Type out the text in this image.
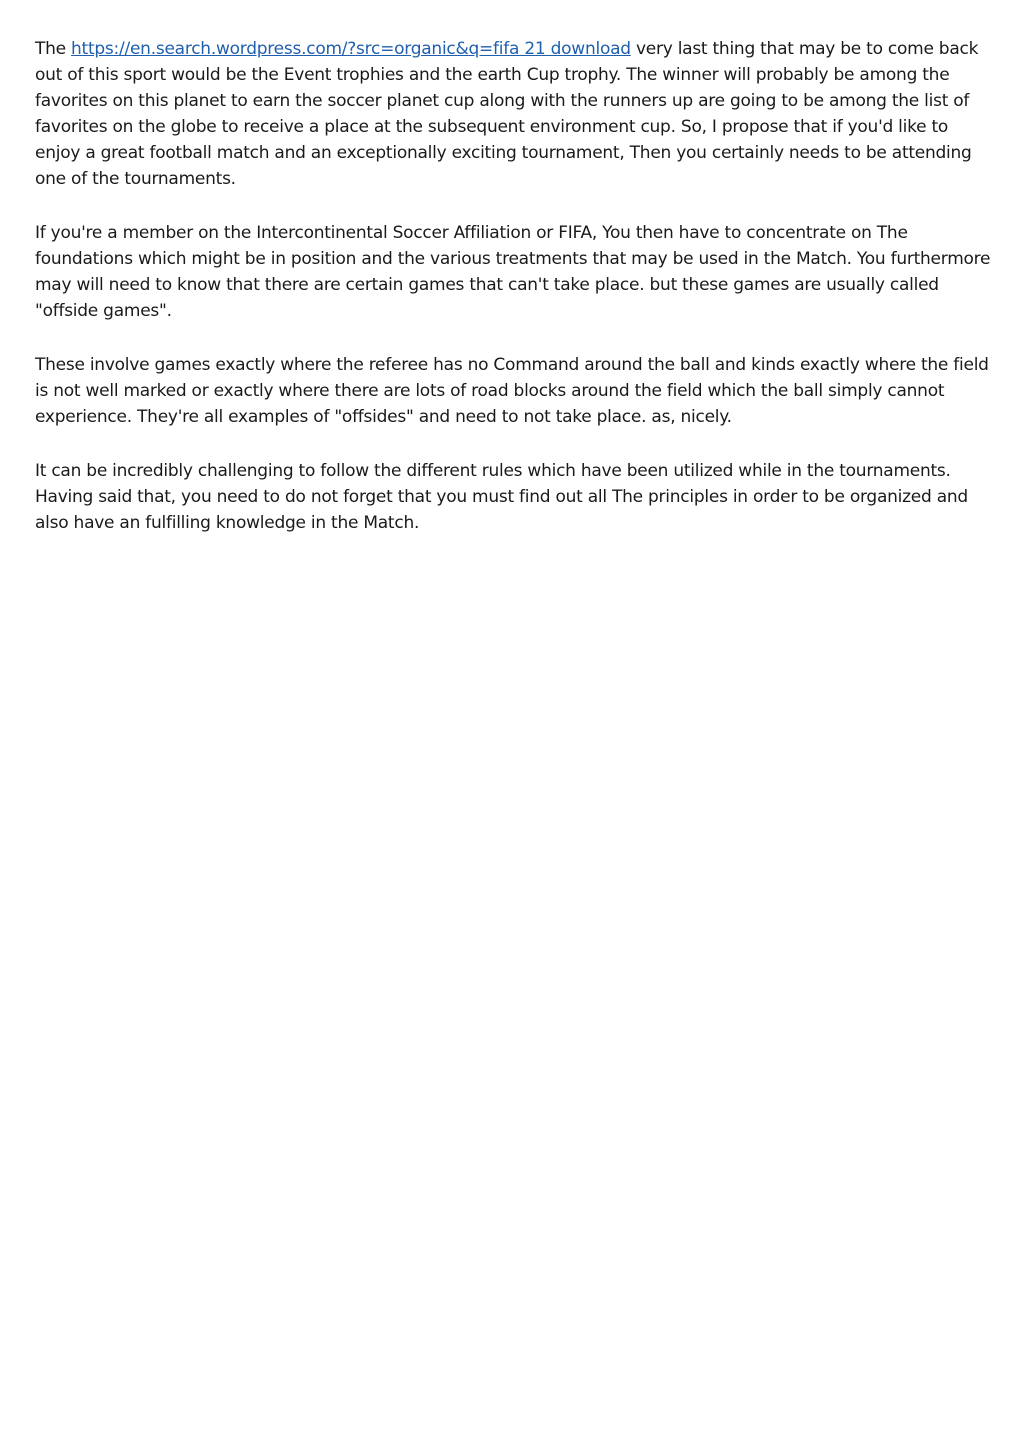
The https://en.search.wordpress.com/?src=organic&q=fifa 21 download very last thing that may be to come back out of this sport would be the Event trophies and the earth Cup trophy. The winner will probably be among the favorites on this planet to earn the soccer planet cup along with the runners up are going to be among the list of favorites on the globe to receive a place at the subsequent environment cup. So, I propose that if you'd like to enjoy a great football match and an exceptionally exciting tournament, Then you certainly needs to be attending one of the tournaments.

If you're a member on the Intercontinental Soccer Affiliation or FIFA, You then have to concentrate on The foundations which might be in position and the various treatments that may be used in the Match. You furthermore may will need to know that there are certain games that can't take place. but these games are usually called "offside games".

These involve games exactly where the referee has no Command around the ball and kinds exactly where the field is not well marked or exactly where there are lots of road blocks around the field which the ball simply cannot experience. They're all examples of "offsides" and need to not take place. as, nicely.

It can be incredibly challenging to follow the different rules which have been utilized while in the tournaments. Having said that, you need to do not forget that you must find out all The principles in order to be organized and also have an fulfilling knowledge in the Match.
